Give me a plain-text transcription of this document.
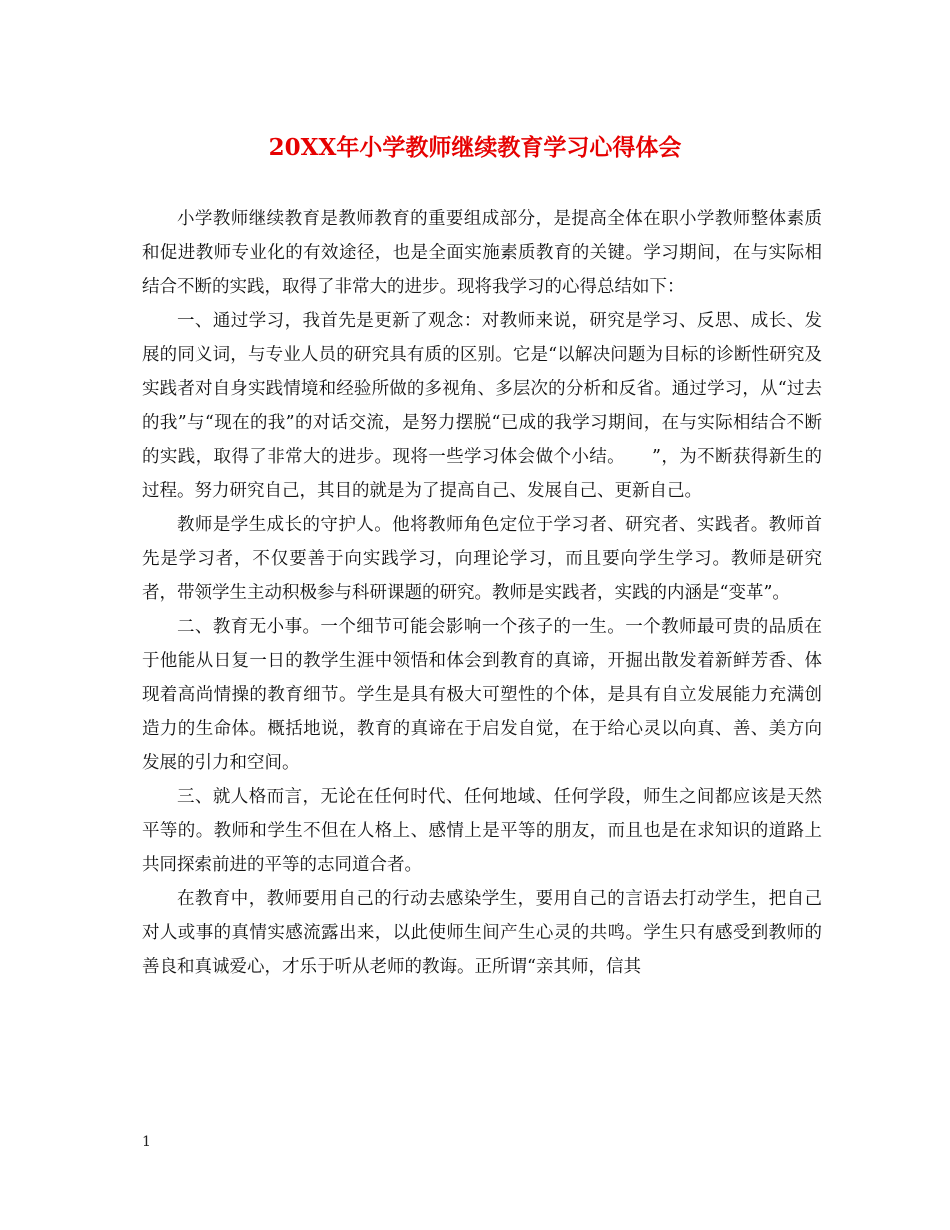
20XX年小学教师继续教育学习心得体会

小学教师继续教育是教师教育的重要组成部分，是提高全体在职小学教师整体素质和促进教师专业化的有效途径，也是全面实施素质教育的关键。学习期间，在与实际相结合不断的实践，取得了非常大的进步。现将我学习的心得总结如下：

一、通过学习，我首先是更新了观念：对教师来说，研究是学习、反思、成长、发展的同义词，与专业人员的研究具有质的区别。它是“以解决问题为目标的诊断性研究及实践者对自身实践情境和经验所做的多视角、多层次的分析和反省。通过学习，从“过去的我”与“现在的我”的对话交流，是努力摆脱“已成的我学习期间，在与实际相结合不断的实践，取得了非常大的进步。现将一些学习体会做个小结。　　”，为不断获得新生的过程。努力研究自己，其目的就是为了提高自己、发展自己、更新自己。

教师是学生成长的守护人。他将教师角色定位于学习者、研究者、实践者。教师首先是学习者，不仅要善于向实践学习，向理论学习，而且要向学生学习。教师是研究者，带领学生主动积极参与科研课题的研究。教师是实践者，实践的内涵是“变革”。

二、教育无小事。一个细节可能会影响一个孩子的一生。一个教师最可贵的品质在于他能从日复一日的教学生涯中领悟和体会到教育的真谛，开掘出散发着新鲜芳香、体现着高尚情操的教育细节。学生是具有极大可塑性的个体，是具有自立发展能力充满创造力的生命体。概括地说，教育的真谛在于启发自觉，在于给心灵以向真、善、美方向发展的引力和空间。

三、就人格而言，无论在任何时代、任何地域、任何学段，师生之间都应该是天然平等的。教师和学生不但在人格上、感情上是平等的朋友，而且也是在求知识的道路上共同探索前进的平等的志同道合者。

在教育中，教师要用自己的行动去感染学生，要用自己的言语去打动学生，把自己对人或事的真情实感流露出来，以此使师生间产生心灵的共鸣。学生只有感受到教师的善良和真诚爱心，才乐于听从老师的教诲。正所谓“亲其师，信其

1
